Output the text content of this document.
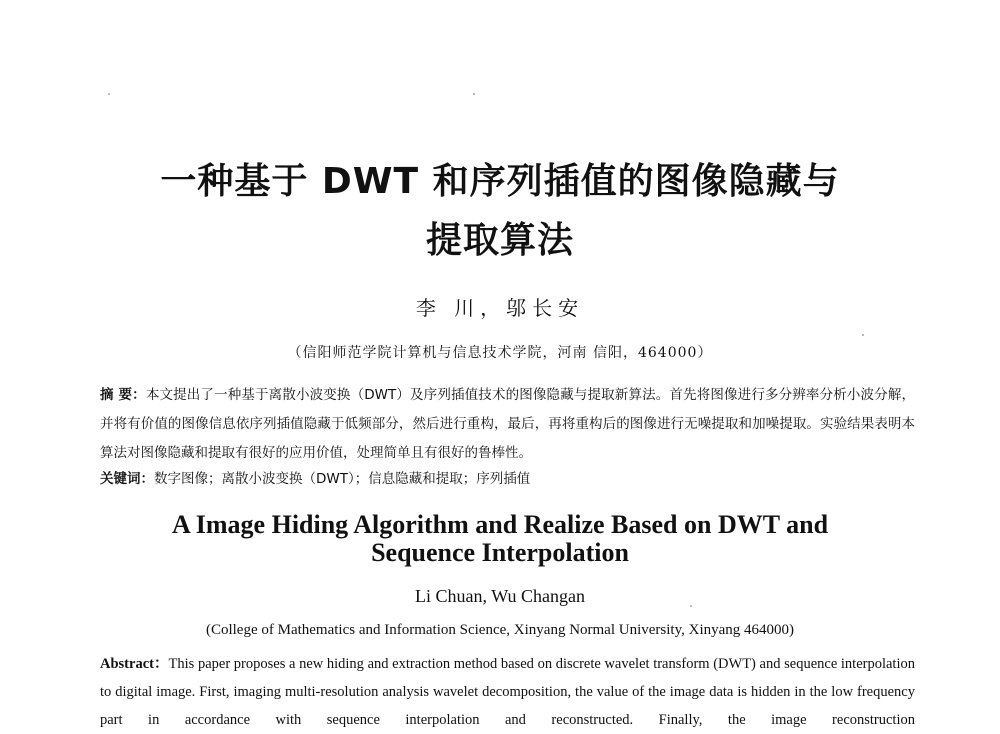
一种基于 DWT 和序列插值的图像隐藏与
提取算法
李 川，邬长安
（信阳师范学院计算机与信息技术学院，河南 信阳，464000）
摘 要：本文提出了一种基于离散小波变换（DWT）及序列插值技术的图像隐藏与提取新算法。首先将图像进行多分辨率分析小波分解，并将有价值的图像信息依序列插值隐藏于低频部分，然后进行重构，最后，再将重构后的图像进行无噪提取和加噪提取。实验结果表明本算法对图像隐藏和提取有很好的应用价值，处理简单且有很好的鲁棒性。
关键词：数字图像；离散小波变换（DWT）；信息隐藏和提取；序列插值
A Image Hiding Algorithm and Realize Based on DWT and
Sequence Interpolation
Li Chuan, Wu Changan
(College of Mathematics and Information Science, Xinyang Normal University, Xinyang 464000)
Abstract：This paper proposes a new hiding and extraction method based on discrete wavelet transform (DWT) and sequence interpolation to digital image. First, imaging multi-resolution analysis wavelet decomposition, the value of the image data is hidden in the low frequency part in accordance with sequence interpolation and reconstructed. Finally, the image reconstruction
